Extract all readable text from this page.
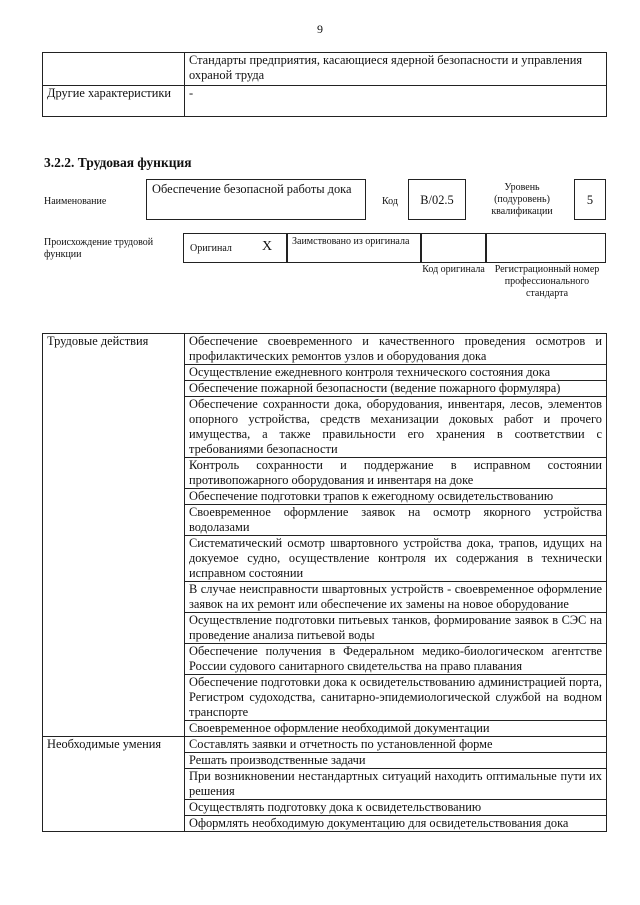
9
	Стандарты предприятия, касающиеся ядерной безопасности и управления охраной труда
Другие характеристики	-
3.2.2. Трудовая функция
Наименование
Обеспечение безопасной работы дока
Код	В/02.5
Уровень (подуровень) квалификации
5
Происхождение трудовой функции
Оригинал X Заимствовано из оригинала
Код оригинала Регистрационный номер профессионального стандарта
Трудовые действия	Обеспечение своевременного и качественного проведения осмотров и профилактических ремонтов узлов и оборудования дока
	Осуществление ежедневного контроля технического состояния дока
	Обеспечение пожарной безопасности (ведение пожарного формуляра)
	Обеспечение сохранности дока, оборудования, инвентаря, лесов, элементов опорного устройства, средств механизации доковых работ и прочего имущества, а также правильности его хранения в соответствии с требованиями безопасности
	Контроль сохранности и поддержание в исправном состоянии противопожарного оборудования и инвентаря на доке
	Обеспечение подготовки трапов к ежегодному освидетельствованию
	Своевременное оформление заявок на осмотр якорного устройства водолазами
	Систематический осмотр швартовного устройства дока, трапов, идущих на докуемое судно, осуществление контроля их содержания в технически исправном состоянии
	В случае неисправности швартовных устройств - своевременное оформление заявок на их ремонт или обеспечение их замены на новое оборудование
	Осуществление подготовки питьевых танков, формирование заявок в СЭС на проведение анализа питьевой воды
	Обеспечение получения в Федеральном медико-биологическом агентстве России судового санитарного свидетельства на право плавания
	Обеспечение подготовки дока к освидетельствованию администрацией порта, Регистром судоходства, санитарно-эпидемиологической службой на водном транспорте
	Своевременное оформление необходимой документации
Необходимые умения	Составлять заявки и отчетность по установленной форме
	Решать производственные задачи
	При возникновении нестандартных ситуаций находить оптимальные пути их решения
	Осуществлять подготовку дока к освидетельствованию
	Оформлять необходимую документацию для освидетельствования дока
